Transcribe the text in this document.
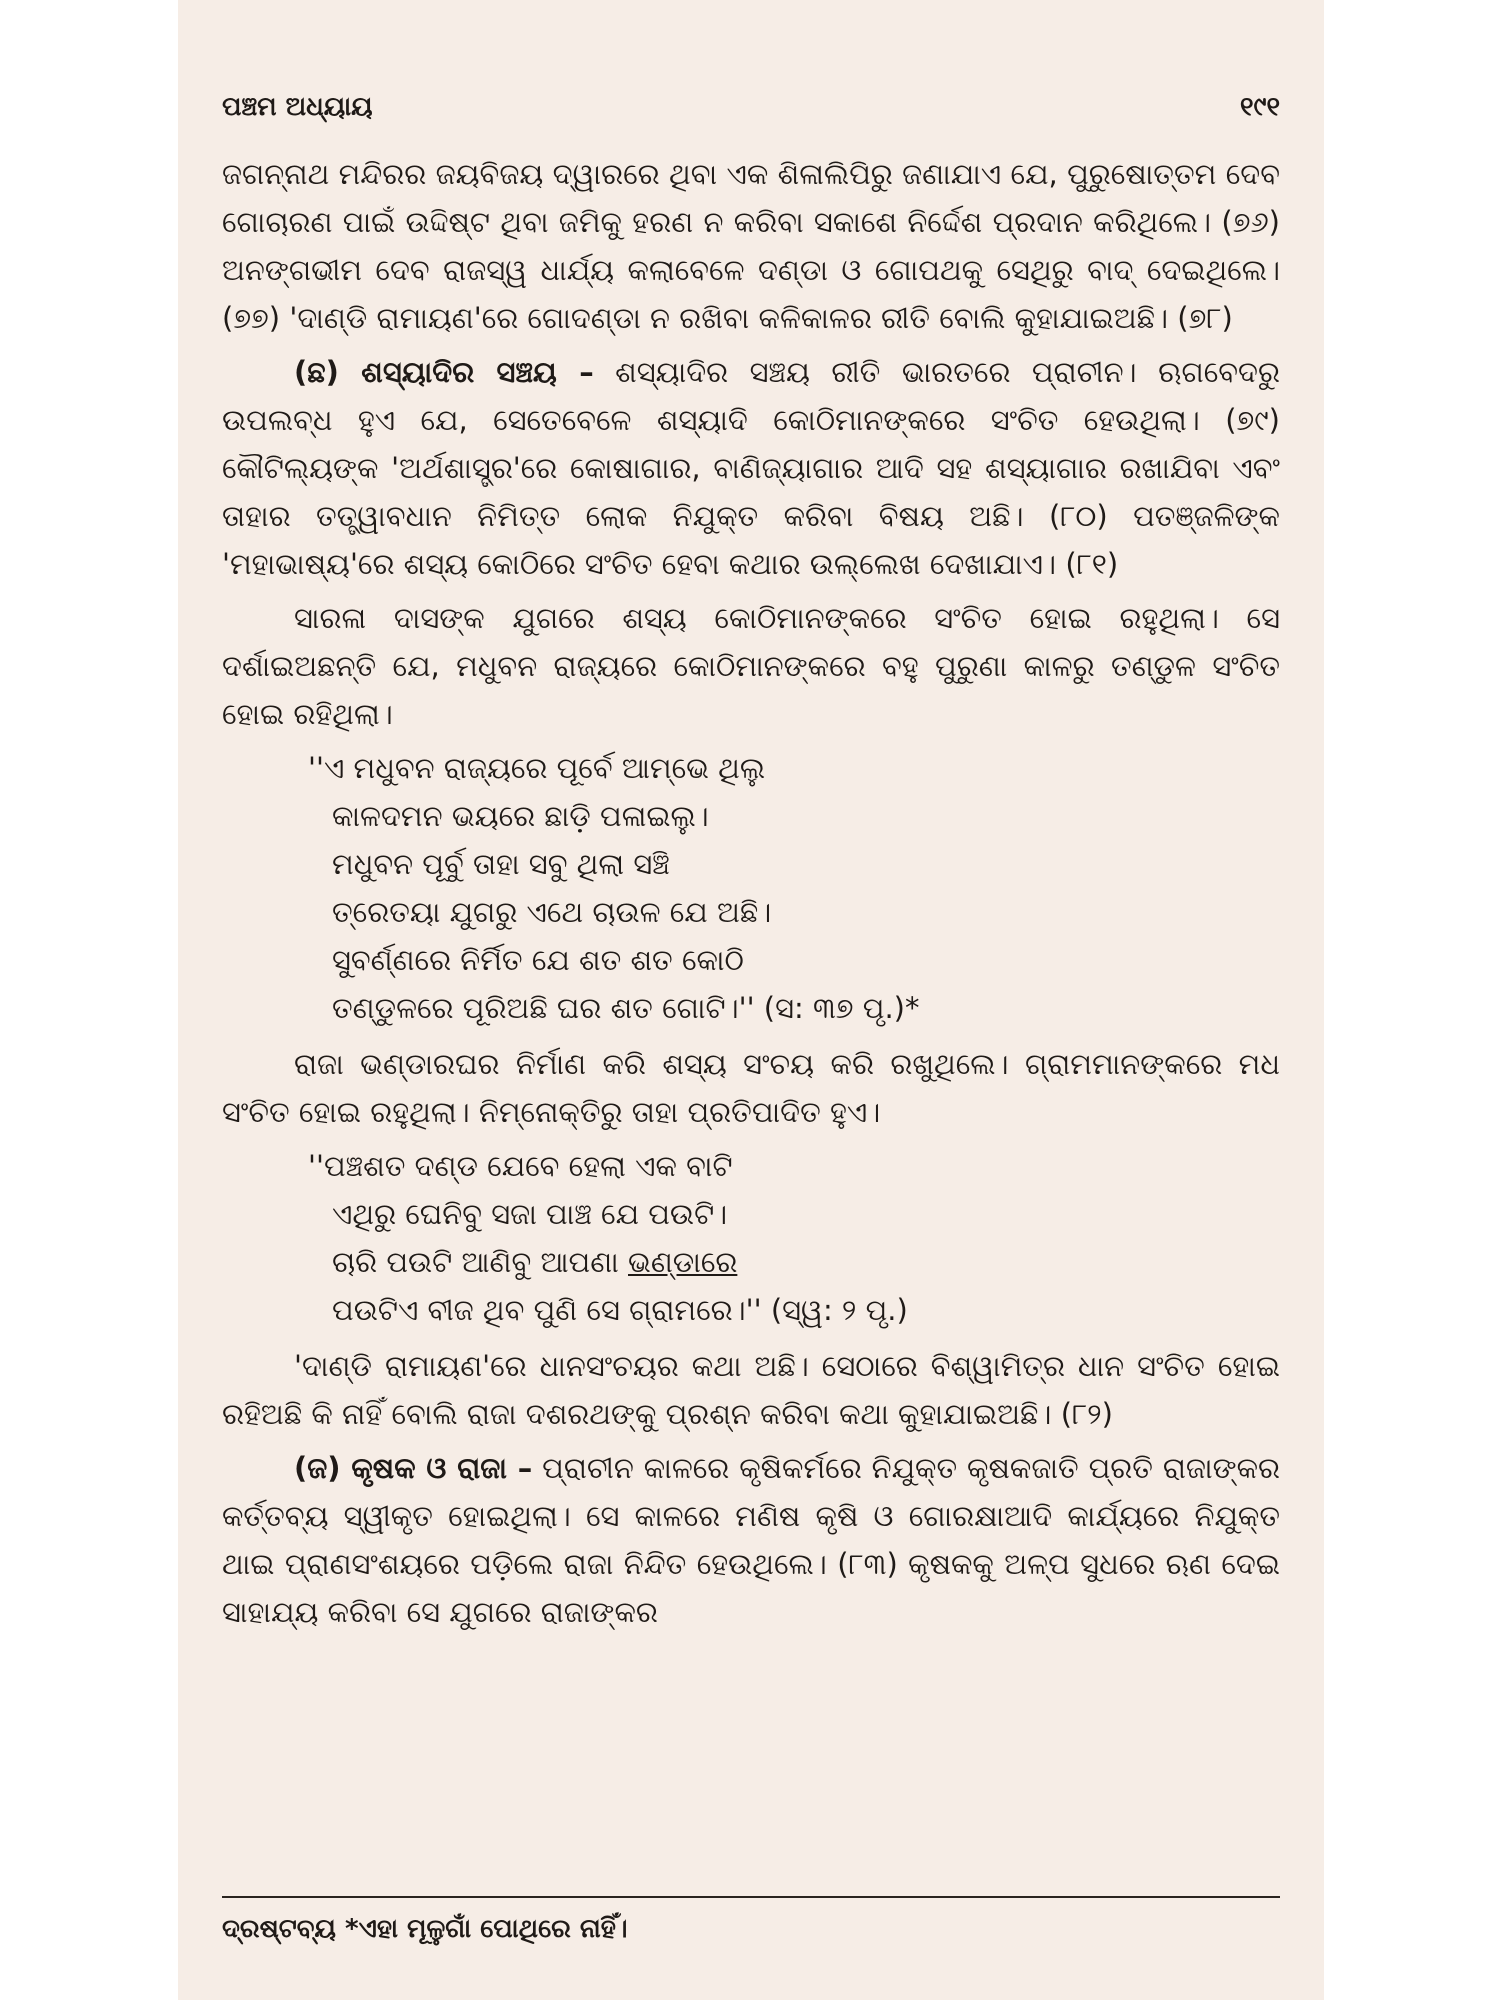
ପଞ୍ଚମ ଅଧ୍ୟାୟ	୧୯୧

ଜଗନ୍ନାଥ ମନ୍ଦିରର ଜୟବିଜୟ ଦ୍ୱାରରେ ଥିବା ଏକ ଶିଳାଲିପିରୁ ଜଣାଯାଏ ଯେ, ପୁରୁଷୋତ୍ତମ ଦେବ ଗୋଚାରଣ ପାଇଁ ଉଦ୍ଦିଷ୍ଟ ଥିବା ଜମିକୁ ହରଣ ନ କରିବା ସକାଶେ ନିର୍ଦ୍ଦେଶ ପ୍ରଦାନ କରିଥିଲେ। (୭୬) ଅନଙ୍ଗଭୀମ ଦେବ ରାଜସ୍ୱ ଧାର୍ଯ୍ୟ କଲାବେଳେ ଦଣ୍ଡା ଓ ଗୋପଥକୁ ସେଥିରୁ ବାଦ୍ ଦେଇଥିଲେ। (୭୭) 'ଦାଣ୍ଡି ରାମାୟଣ'ରେ ଗୋଦଣ୍ଡା ନ ରଖିବା କଳିକାଳର ରୀତି ବୋଲି କୁହାଯାଇଅଛି। (୭୮)

(ଛ) ଶସ୍ୟାଦିର ସଞ୍ଚୟ – ଶସ୍ୟାଦିର ସଞ୍ଚୟ ରୀତି ଭାରତରେ ପ୍ରାଚୀନ। ଋଗବେଦରୁ ଉପଲବ୍ଧ ହୁଏ ଯେ, ସେତେବେଳେ ଶସ୍ୟାଦି କୋଠିମାନଙ୍କରେ ସଂଚିତ ହେଉଥିଲା। (୭୯) କୌଟିଲ୍ୟଙ୍କ 'ଅର୍ଥଶାସ୍ତ୍ର'ରେ କୋଷାଗାର, ବାଣିଜ୍ୟାଗାର ଆଦି ସହ ଶସ୍ୟାଗାର ରଖାଯିବା ଏବଂ ତାହାର ତତ୍ତ୍ୱାବଧାନ ନିମିତ୍ତ ଲୋକ ନିଯୁକ୍ତ କରିବା ବିଷୟ ଅଛି। (୮୦) ପତଞ୍ଜଳିଙ୍କ 'ମହାଭାଷ୍ୟ'ରେ ଶସ୍ୟ କୋଠିରେ ସଂଚିତ ହେବା କଥାର ଉଲ୍ଲେଖ ଦେଖାଯାଏ। (୮୧)

ସାରଳା ଦାସଙ୍କ ଯୁଗରେ ଶସ୍ୟ କୋଠିମାନଙ୍କରେ ସଂଚିତ ହୋଇ ରହୁଥିଲା। ସେ ଦର୍ଶାଇଅଛନ୍ତି ଯେ, ମଧୁବନ ରାଜ୍ୟରେ କୋଠିମାନଙ୍କରେ ବହୁ ପୁରୁଣା କାଳରୁ ତଣ୍ଡୁଳ ସଂଚିତ ହୋଇ ରହିଥିଲା।

''ଏ ମଧୁବନ ରାଜ୍ୟରେ ପୂର୍ବେ ଆମ୍ଭେ ଥିଲୁ
କାଳଦମନ ଭୟରେ ଛାଡ଼ି ପଳାଇଲୁ।
ମଧୁବନ ପୂର୍ବୁ ତାହା ସବୁ ଥିଲା ସଞ୍ଚି
ତ୍ରେତୟା ଯୁଗରୁ ଏଥେ ଚାଉଳ ଯେ ଅଛି।
ସୁବର୍ଣ୍ଣରେ ନିର୍ମିତ ଯେ ଶତ ଶତ କୋଠି
ତଣ୍ଡୁଳରେ ପୂରିଅଛି ଘର ଶତ ଗୋଟି।'' (ସ: ୩୭ ପୃ.)*

ରାଜା ଭଣ୍ଡାରଘର ନିର୍ମାଣ କରି ଶସ୍ୟ ସଂଚୟ କରି ରଖୁଥିଲେ। ଗ୍ରାମମାନଙ୍କରେ ମଧ ସଂଚିତ ହୋଇ ରହୁଥିଲା। ନିମ୍ନୋକ୍ତିରୁ ତାହା ପ୍ରତିପାଦିତ ହୁଏ।

''ପଞ୍ଚଶତ ଦଣ୍ଡ ଯେବେ ହେଲା ଏକ ବାଟି
ଏଥିରୁ ଘେନିବୁ ସଜା ପାଞ୍ଚ ଯେ ପଉଟି।
ଚାରି ପଉଟି ଆଣିବୁ ଆପଣା ଭଣ୍ଡାରେ
ପଉଟିଏ ବୀଜ ଥିବ ପୁଣି ସେ ଗ୍ରାମରେ।'' (ସ୍ୱ: ୨ ପୃ.)

'ଦାଣ୍ଡି ରାମାୟଣ'ରେ ଧାନସଂଚୟର କଥା ଅଛି। ସେଠାରେ ବିଶ୍ୱାମିତ୍ର ଧାନ ସଂଚିତ ହୋଇ ରହିଅଛି କି ନାହିଁ ବୋଲି ରାଜା ଦଶରଥଙ୍କୁ ପ୍ରଶ୍ନ କରିବା କଥା କୁହାଯାଇଅଛି। (୮୨)

(ଜ) କୃଷକ ଓ ରାଜା – ପ୍ରାଚୀନ କାଳରେ କୃଷିକର୍ମରେ ନିଯୁକ୍ତ କୃଷକଜାତି ପ୍ରତି ରାଜାଙ୍କର କର୍ତ୍ତବ୍ୟ ସ୍ୱୀକୃତ ହୋଇଥିଲା। ସେ କାଳରେ ମଣିଷ କୃଷି ଓ ଗୋରକ୍ଷାଆଦି କାର୍ଯ୍ୟରେ ନିଯୁକ୍ତ ଥାଇ ପ୍ରାଣସଂଶୟରେ ପଡ଼ିଲେ ରାଜା ନିନ୍ଦିତ ହେଉଥିଲେ। (୮୩) କୃଷକକୁ ଅଳ୍ପ ସୁଧରେ ଋଣ ଦେଇ ସାହାଯ୍ୟ କରିବା ସେ ଯୁଗରେ ରାଜାଙ୍କର

ଦ୍ରଷ୍ଟବ୍ୟ *ଏହା ମୂଳୁଗାଁ ପୋଥିରେ ନାହିଁ।
